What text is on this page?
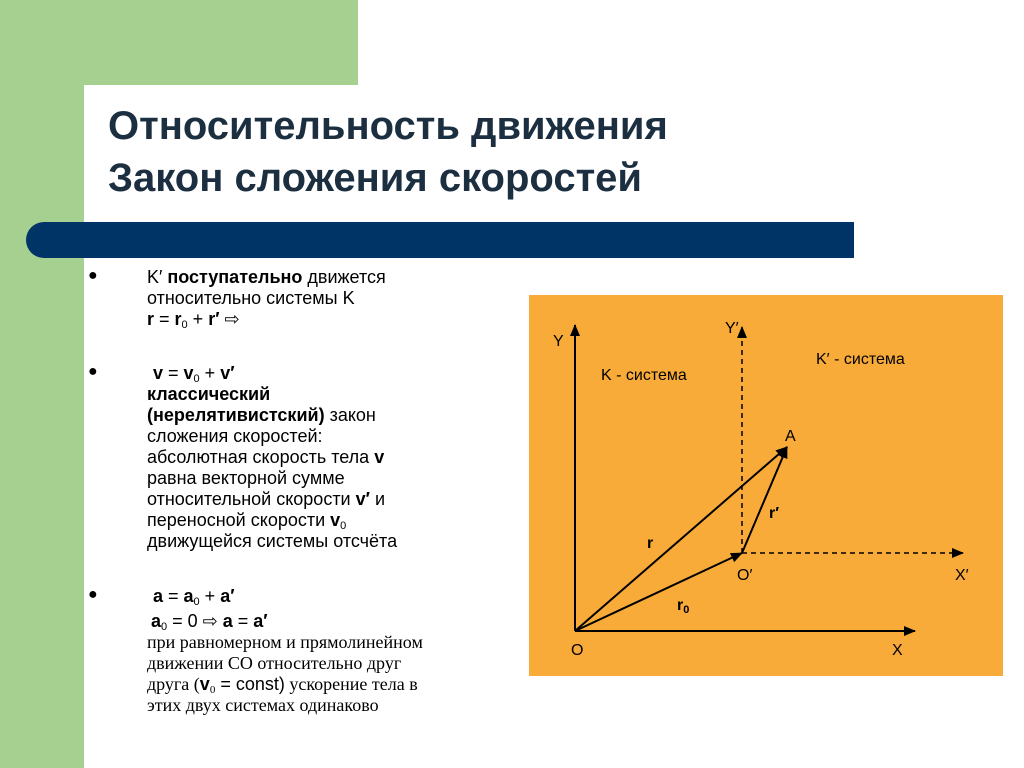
Относительность движения
Закон сложения скоростей
●	K′ поступательно движется
относительно системы K
$r = r_0 + r'$ ⇨
●	$v = v_0 + v'$
классический
(нерелятивистский) закон
сложения скоростей:
абсолютная скорость тела v
равна векторной сумме
относительной скорости v′ и
переносной скорости $v_0$
движущейся системы отсчёта
●	$a = a_0 + a'$
$a_0 = 0$ ⇨ a = a′
при равномерном и прямолинейном
движении СО относительно друг
друга ($v_0$ = const) ускорение тела в
этих двух системах одинаково
Y
Y′
K - система
K′ - система
A
r
r′
$r_0$
O′	X′
O	X
